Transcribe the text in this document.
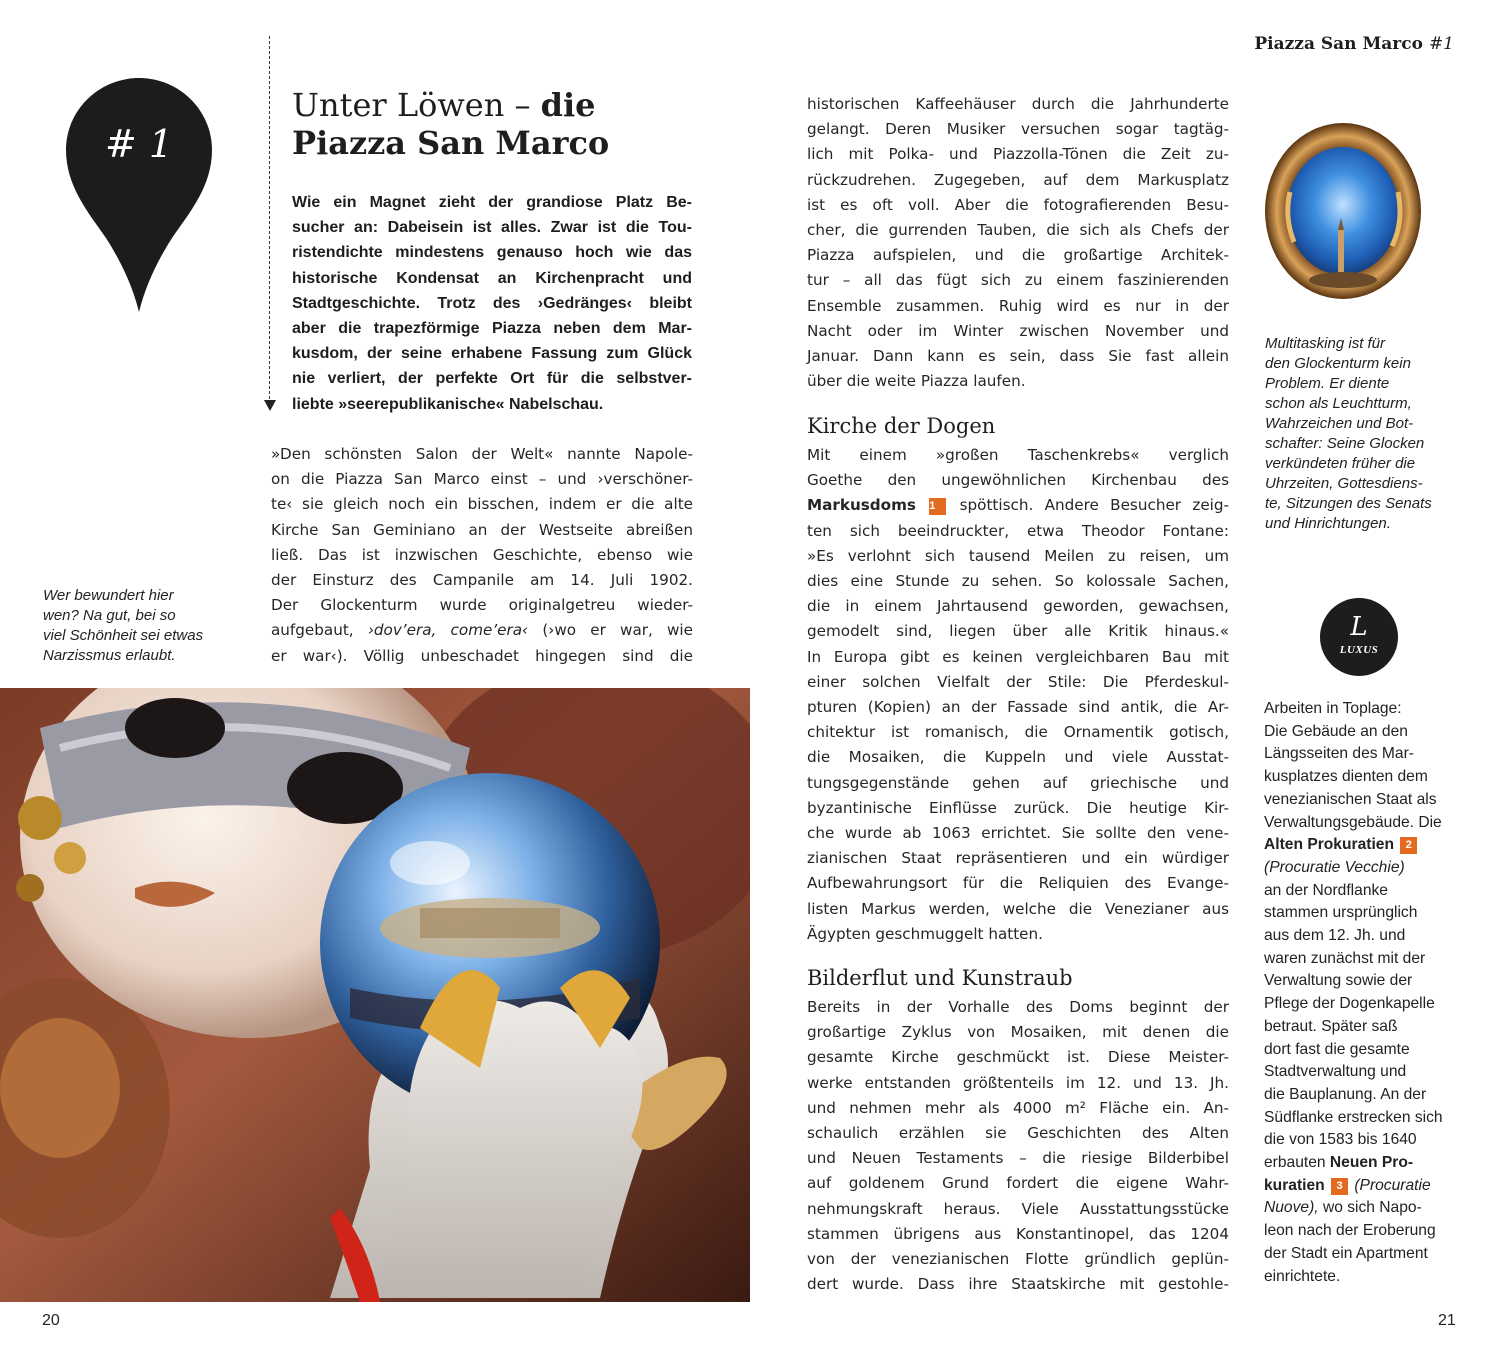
Piazza San Marco #1
# 1
Unter Löwen – die
Piazza San Marco
Wie ein Magnet zieht der grandiose Platz Be-
sucher an: Dabeisein ist alles. Zwar ist die Tou-
ristendichte mindestens genauso hoch wie das
historische Kondensat an Kirchenpracht und
Stadtgeschichte. Trotz des ›Gedränges‹ bleibt
aber die trapezförmige Piazza neben dem Mar-
kusdom, der seine erhabene Fassung zum Glück
nie verliert, der perfekte Ort für die selbstver-
liebte »seerepublikanische« Nabelschau.
»Den schönsten Salon der Welt« nannte Napole-
on die Piazza San Marco einst – und ›verschöner-
te‹ sie gleich noch ein bisschen, indem er die alte
Kirche San Geminiano an der Westseite abreißen
ließ. Das ist inzwischen Geschichte, ebenso wie
der Einsturz des Campanile am 14. Juli 1902.
Der Glockenturm wurde originalgetreu wieder-
aufgebaut, ›dov’era, come’era‹ (›wo er war, wie
er war‹). Völlig unbeschadet hingegen sind die
historischen Kaffeehäuser durch die Jahrhunderte
gelangt. Deren Musiker versuchen sogar tagtäg-
lich mit Polka- und Piazzolla-Tönen die Zeit zu-
rückzudrehen. Zugegeben, auf dem Markusplatz
ist es oft voll. Aber die fotografierenden Besu-
cher, die gurrenden Tauben, die sich als Chefs der
Piazza aufspielen, und die großartige Architek-
tur – all das fügt sich zu einem faszinierenden
Ensemble zusammen. Ruhig wird es nur in der
Nacht oder im Winter zwischen November und
Januar. Dann kann es sein, dass Sie fast allein
über die weite Piazza laufen.
Kirche der Dogen
Mit einem »großen Taschenkrebs« verglich
Goethe den ungewöhnlichen Kirchenbau des
Markusdoms 1 spöttisch. Andere Besucher zeig-
ten sich beeindruckter, etwa Theodor Fontane:
»Es verlohnt sich tausend Meilen zu reisen, um
dies eine Stunde zu sehen. So kolossale Sachen,
die in einem Jahrtausend geworden, gewachsen,
gemodelt sind, liegen über alle Kritik hinaus.«
In Europa gibt es keinen vergleichbaren Bau mit
einer solchen Vielfalt der Stile: Die Pferdeskul-
pturen (Kopien) an der Fassade sind antik, die Ar-
chitektur ist romanisch, die Ornamentik gotisch,
die Mosaiken, die Kuppeln und viele Ausstat-
tungsgegenstände gehen auf griechische und
byzantinische Einflüsse zurück. Die heutige Kir-
che wurde ab 1063 errichtet. Sie sollte den vene-
zianischen Staat repräsentieren und ein würdiger
Aufbewahrungsort für die Reliquien des Evange-
listen Markus werden, welche die Venezianer aus
Ägypten geschmuggelt hatten.
Bilderflut und Kunstraub
Bereits in der Vorhalle des Doms beginnt der
großartige Zyklus von Mosaiken, mit denen die
gesamte Kirche geschmückt ist. Diese Meister-
werke entstanden größtenteils im 12. und 13. Jh.
und nehmen mehr als 4000 m² Fläche ein. An-
schaulich erzählen sie Geschichten des Alten
und Neuen Testaments – die riesige Bilderbibel
auf goldenem Grund fordert die eigene Wahr-
nehmungskraft heraus. Viele Ausstattungsstücke
stammen übrigens aus Konstantinopel, das 1204
von der venezianischen Flotte gründlich geplün-
dert wurde. Dass ihre Staatskirche mit gestohle-
Wer bewundert hier
wen? Na gut, bei so
viel Schönheit sei etwas
Narzissmus erlaubt.
Multitasking ist für
den Glockenturm kein
Problem. Er diente
schon als Leuchtturm,
Wahrzeichen und Bot-
schafter: Seine Glocken
verkündeten früher die
Uhrzeiten, Gottesdiens-
te, Sitzungen des Senats
und Hinrichtungen.
L
LUXUS
Arbeiten in Toplage:
Die Gebäude an den
Längsseiten des Mar-
kusplatzes dienten dem
venezianischen Staat als
Verwaltungsgebäude. Die
Alten Prokuratien 2
(Procuratie Vecchie)
an der Nordflanke
stammen ursprünglich
aus dem 12. Jh. und
waren zunächst mit der
Verwaltung sowie der
Pflege der Dogenkapelle
betraut. Später saß
dort fast die gesamte
Stadtverwaltung und
die Bauplanung. An der
Südflanke erstrecken sich
die von 1583 bis 1640
erbauten Neuen Pro-
kuratien 3 (Procuratie
Nuove), wo sich Napo-
leon nach der Eroberung
der Stadt ein Apartment
einrichtete.
20	21
